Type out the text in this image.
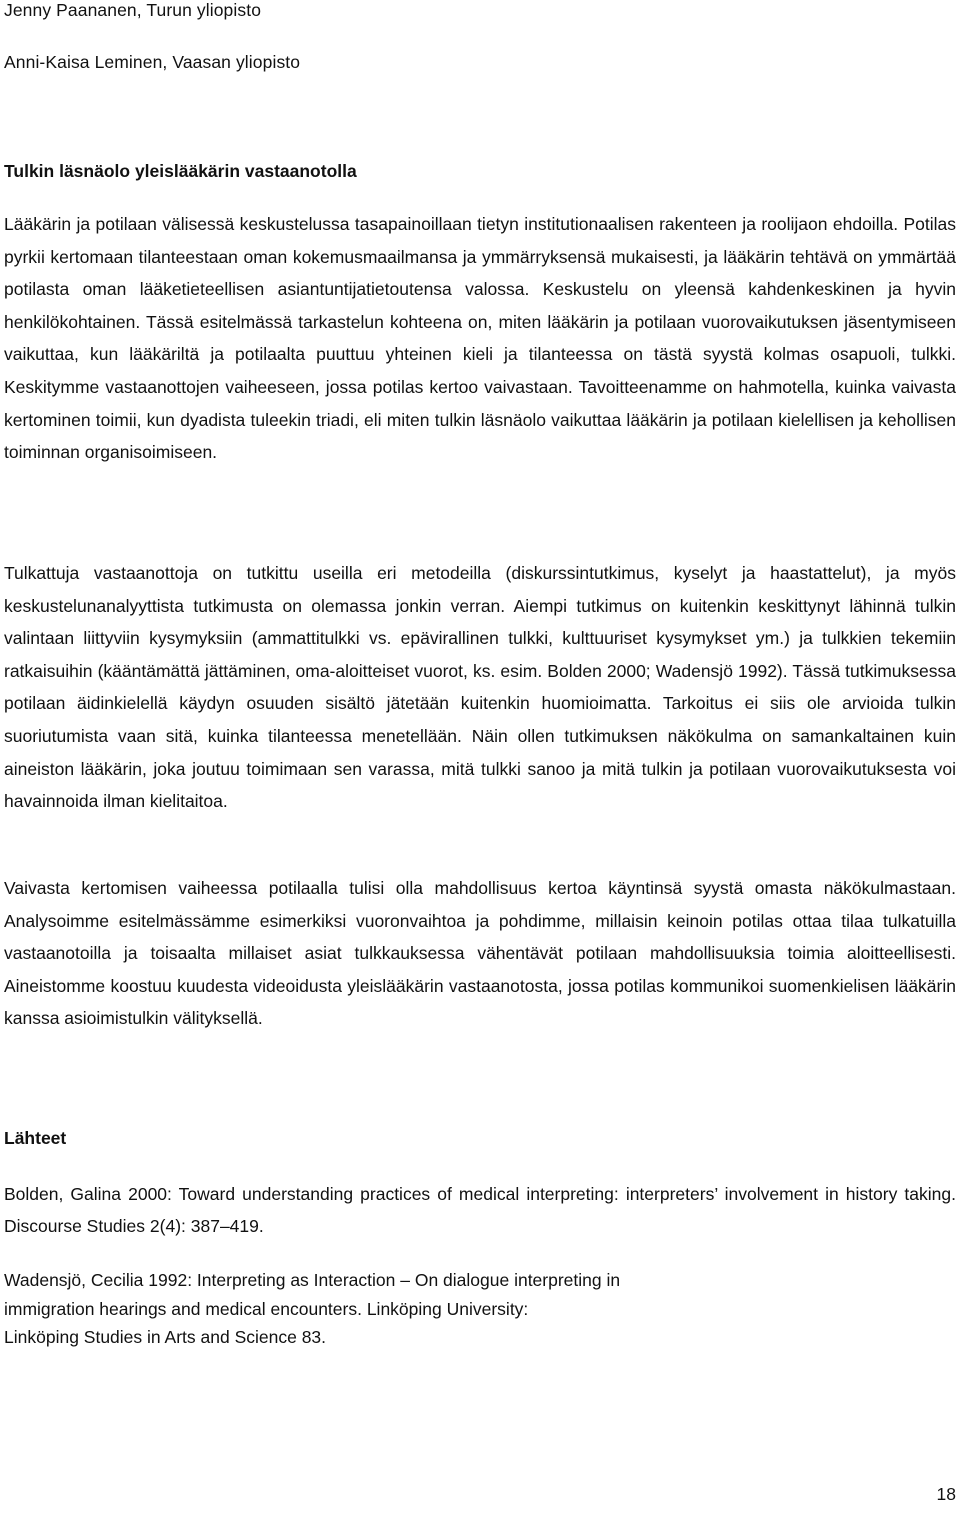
Jenny Paananen, Turun yliopisto
Anni-Kaisa Leminen, Vaasan yliopisto
Tulkin läsnäolo yleislääkärin vastaanotolla

Lääkärin ja potilaan välisessä keskustelussa tasapainoillaan tietyn institutionaalisen rakenteen ja roolijaon ehdoilla. Potilas pyrkii kertomaan tilanteestaan oman kokemusmaailmansa ja ymmärryksensä mukaisesti, ja lääkärin tehtävä on ymmärtää potilasta oman lääketieteellisen asiantuntijatietoutensa valossa. Keskustelu on yleensä kahdenkeskinen ja hyvin henkilökohtainen. Tässä esitelmässä tarkastelun kohteena on, miten lääkärin ja potilaan vuorovaikutuksen jäsentymiseen vaikuttaa, kun lääkäriltä ja potilaalta puuttuu yhteinen kieli ja tilanteessa on tästä syystä kolmas osapuoli, tulkki. Keskitymme vastaanottojen vaiheeseen, jossa potilas kertoo vaivastaan. Tavoitteenamme on hahmotella, kuinka vaivasta kertominen toimii, kun dyadista tuleekin triadi, eli miten tulkin läsnäolo vaikuttaa lääkärin ja potilaan kielellisen ja kehollisen toiminnan organisoimiseen.

Tulkattuja vastaanottoja on tutkittu useilla eri metodeilla (diskurssintutkimus, kyselyt ja haastattelut), ja myös keskustelunanalyyttista tutkimusta on olemassa jonkin verran. Aiempi tutkimus on kuitenkin keskittynyt lähinnä tulkin valintaan liittyviin kysymyksiin (ammattitulkki vs. epävirallinen tulkki, kulttuuriset kysymykset ym.) ja tulkkien tekemiin ratkaisuihin (kääntämättä jättäminen, oma-aloitteiset vuorot, ks. esim. Bolden 2000; Wadensjö 1992). Tässä tutkimuksessa potilaan äidinkielellä käydyn osuuden sisältö jätetään kuitenkin huomioimatta. Tarkoitus ei siis ole arvioida tulkin suoriutumista vaan sitä, kuinka tilanteessa menetellään. Näin ollen tutkimuksen näkökulma on samankaltainen kuin aineiston lääkärin, joka joutuu toimimaan sen varassa, mitä tulkki sanoo ja mitä tulkin ja potilaan vuorovaikutuksesta voi havainnoida ilman kielitaitoa.

Vaivasta kertomisen vaiheessa potilaalla tulisi olla mahdollisuus kertoa käyntinsä syystä omasta näkökulmastaan. Analysoimme esitelmässämme esimerkiksi vuoronvaihtoa ja pohdimme, millaisin keinoin potilas ottaa tilaa tulkatuilla vastaanotoilla ja toisaalta millaiset asiat tulkkauksessa vähentävät potilaan mahdollisuuksia toimia aloitteellisesti. Aineistomme koostuu kuudesta videoidusta yleislääkärin vastaanotosta, jossa potilas kommunikoi suomenkielisen lääkärin kanssa asioimistulkin välityksellä.

Lähteet

Bolden, Galina 2000: Toward understanding practices of medical interpreting: interpreters’ involvement in history taking. Discourse Studies 2(4): 387–419.

Wadensjö, Cecilia 1992: Interpreting as Interaction – On dialogue interpreting in
immigration hearings and medical encounters. Linköping University:
Linköping Studies in Arts and Science 83.

18
